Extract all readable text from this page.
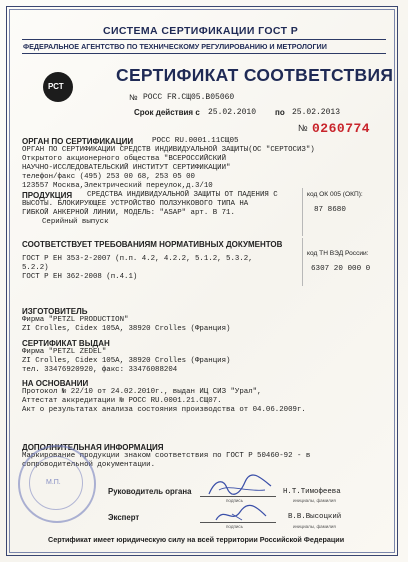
СИСТЕМА СЕРТИФИКАЦИИ ГОСТ Р
ФЕДЕРАЛЬНОЕ АГЕНТСТВО ПО ТЕХНИЧЕСКОМУ РЕГУЛИРОВАНИЮ И МЕТРОЛОГИИ
РСТ
СЕРТИФИКАТ СООТВЕТСТВИЯ
№ РОСС FR.СЩ05.В05060
Срок действия с 25.02.2010 по 25.02.2013
№ 0260774
ОРГАН ПО СЕРТИФИКАЦИИ РОСС RU.0001.11СЩ05
ОРГАН ПО СЕРТИФИКАЦИИ СРЕДСТВ ИНДИВИДУАЛЬНОЙ ЗАЩИТЫ(ОС "СЕРТОСИЗ")
Открытого акционерного общества "ВСЕРОССИЙСКИЙ
НАУЧНО-ИССЛЕДОВАТЕЛЬСКИЙ ИНСТИТУТ СЕРТИФИКАЦИИ"
телефон/факс (495) 253 00 68, 253 05 00
123557 Москва,Электрический переулок,д.3/10
ПРОДУКЦИЯ СРЕДСТВА ИНДИВИДУАЛЬНОЙ ЗАЩИТЫ ОТ ПАДЕНИЯ С
ВЫСОТЫ. БЛОКИРУЮЩЕЕ УСТРОЙСТВО ПОЛЗУНКОВОГО ТИПА НА
ГИБКОЙ АНКЕРНОЙ ЛИНИИ, МОДЕЛЬ: "ASAP" арт. В 71.
Серийный выпуск
код ОК 005 (ОКП):
87 8680
СООТВЕТСТВУЕТ ТРЕБОВАНИЯМ НОРМАТИВНЫХ ДОКУМЕНТОВ
ГОСТ Р ЕН 353-2-2007 (п.п. 4.2, 4.2.2, 5.1.2, 5.3.2,
5.2.2)
ГОСТ Р ЕН 362-2008 (п.4.1)
код ТН ВЭД России:
6307 20 000 0
ИЗГОТОВИТЕЛЬ
Фирма "PETZL PRODUCTION"
ZI Crolles, Cidex 105A, 38920 Crolles (Франция)
СЕРТИФИКАТ ВЫДАН
Фирма "PETZL ZEDEL"
ZI Crolles, Cidex 105A, 38920 Crolles (Франция)
тел. 33476920920, факс: 33476088204
НА ОСНОВАНИИ
Протокол № 22/10 от 24.02.2010г., выдан ИЦ СИЗ "Урал",
Аттестат аккредитации № РОСС RU.0001.21.СЩ07.
Акт о результатах анализа состояния производства от 04.06.2009г.
ДОПОЛНИТЕЛЬНАЯ ИНФОРМАЦИЯ
Маркирование продукции знаком соответствия по ГОСТ Р 50460-92 - в
сопроводительной документации.
М.П.
Руководитель органа
подпись
Н.Т.Тимофеева
инициалы, фамилия
Эксперт
подпись
В.В.Высоцкий
инициалы, фамилия
Сертификат имеет юридическую силу на всей территории Российской Федерации
